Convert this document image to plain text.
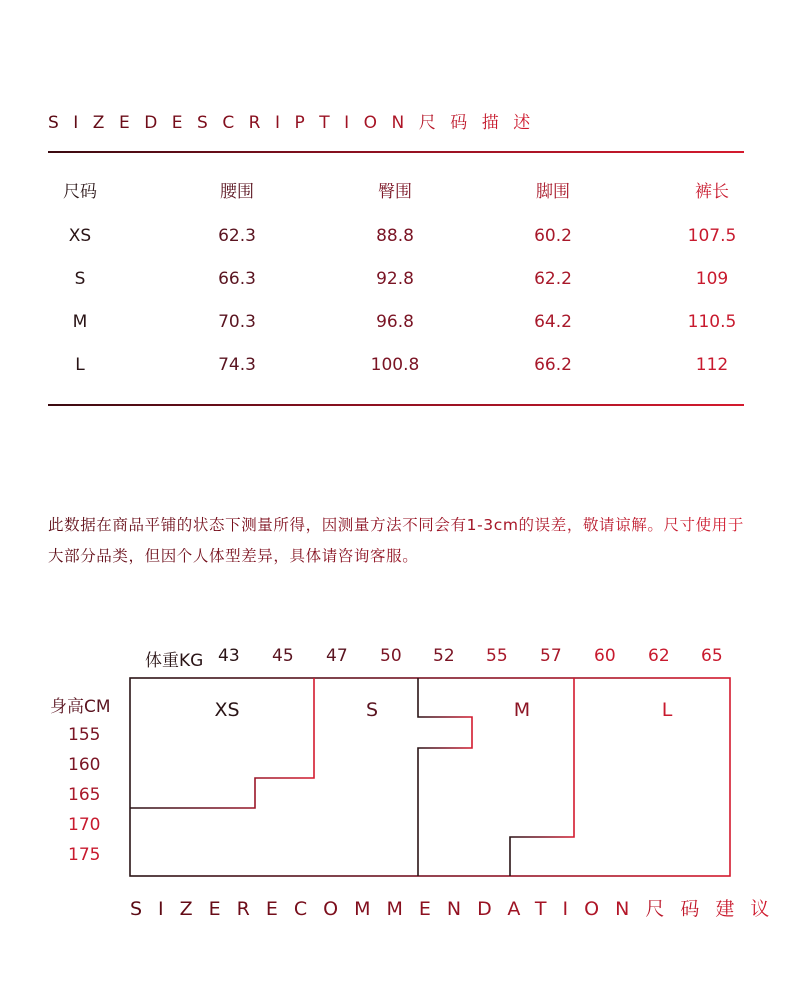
SIZEDESCRIPTION尺码描述
尺码	腰围	臀围	脚围	裤长
XS	62.3	88.8	60.2	107.5
S	66.3	92.8	62.2	109
M	70.3	96.8	64.2	110.5
L	74.3	100.8	66.2	112
此数据在商品平铺的状态下测量所得，因测量方法不同会有1-3cm的误差，敬请谅解。尺寸使用于大部分品类，但因个人体型差异，具体请咨询客服。
体重KG 43 45 47 50 52 55 57 60 62 65
身高CM
155
160
165
170
175
XS	S	M	L
SIZERECOMMENDATION尺码建议
